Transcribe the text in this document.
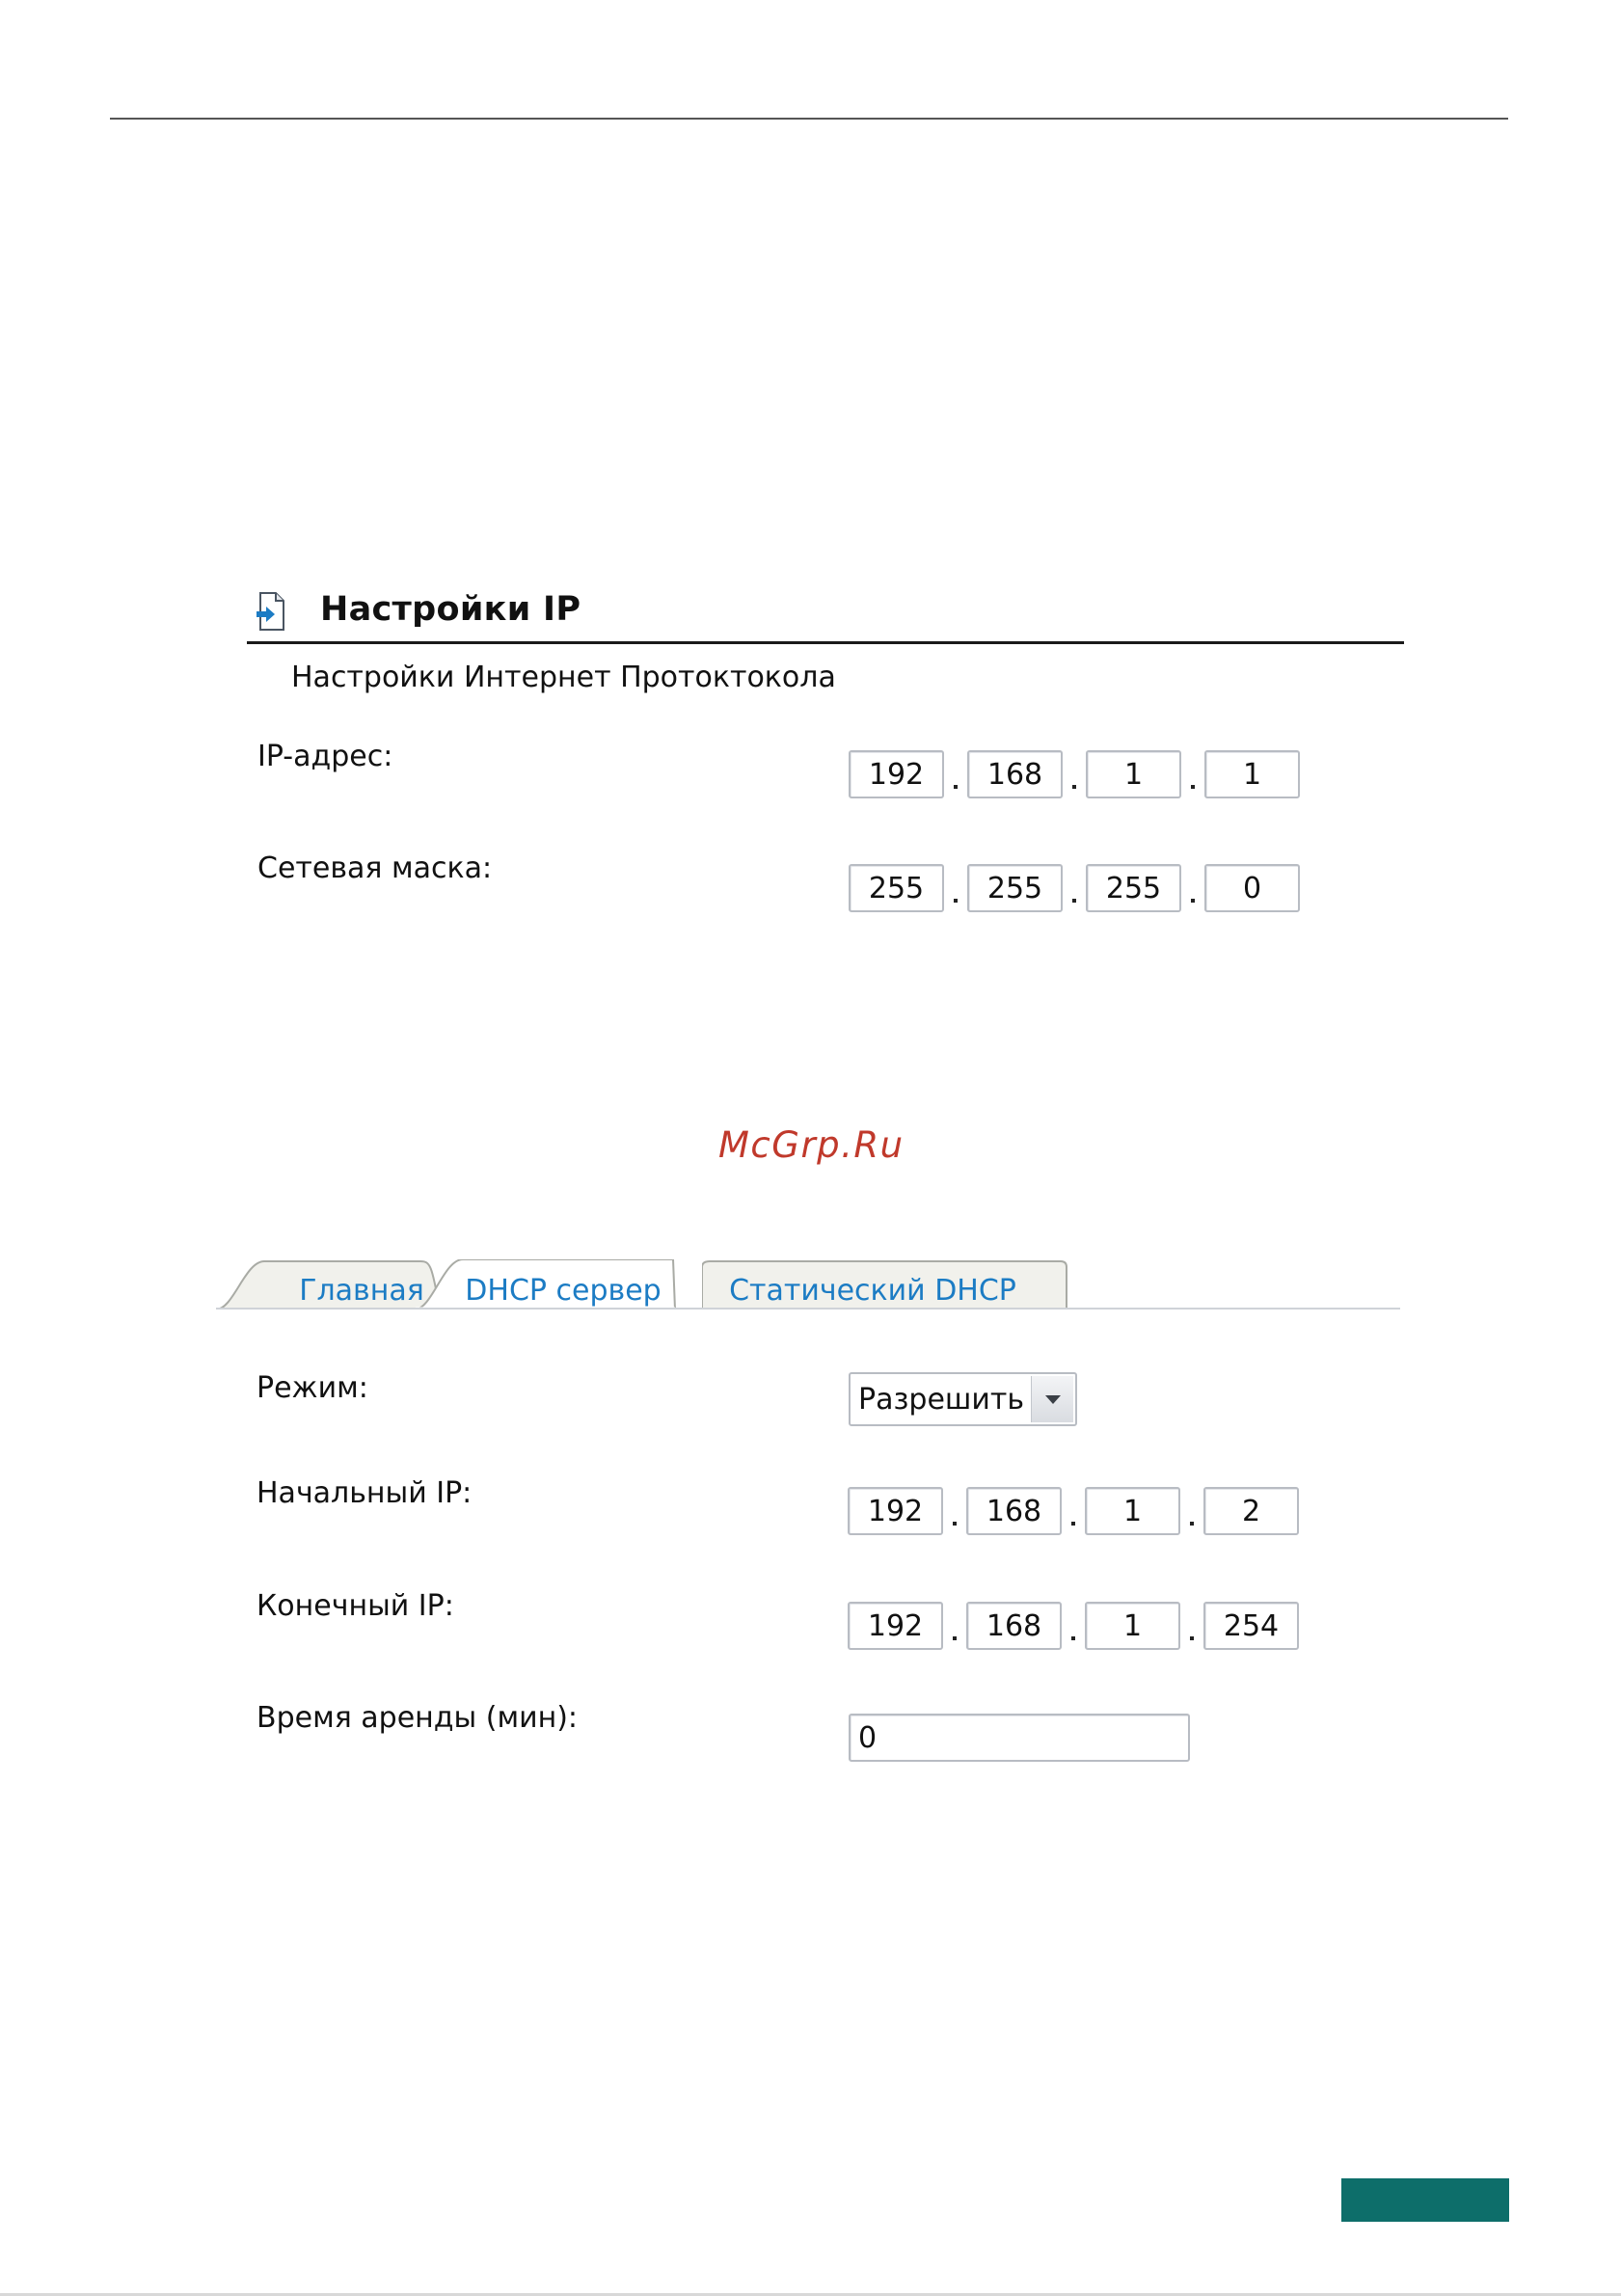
Настройки IP
Настройки Интернет Протоктокола
IP-адрес:
192	168	1	1
Сетевая маска:
255	255	255	0
McGrp.Ru
Главная	DHCP сервер Статический DHCP
Режим:	Разрешить
Начальный IP:
192	168	1	2
Конечный IP:
192	168	1	254
Время аренды (мин):
0
